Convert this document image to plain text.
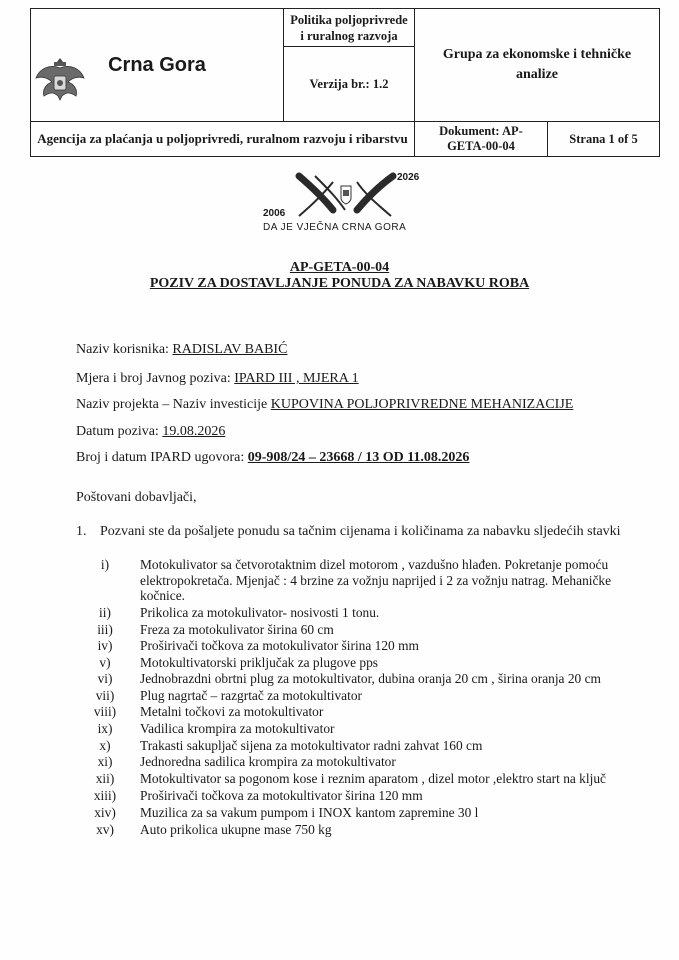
Crna Gora	Politika poljoprivrede i ruralnog razvoja	Grupa za ekonomske i tehničke analize
Verzija br.: 1.2
Agencija za plaćanja u poljoprivredi, ruralnom razvoju i ribarstvu		Dokument: AP-GETA-00-04	Strana 1 of 5
2006
2026
DA JE VJEČNA CRNA GORA
AP-GETA-00-04
POZIV ZA DOSTAVLJANJE PONUDA ZA NABAVKU ROBA
Naziv korisnika: RADISLAV BABIĆ
Mjera i broj Javnog poziva: IPARD III , MJERA 1
Naziv projekta – Naziv investicije KUPOVINA POLJOPRIVREDNE MEHANIZACIJE
Datum poziva: 19.08.2026
Broj i datum IPARD ugovora: 09-908/24 – 23668 / 13 OD 11.08.2026
Poštovani dobavljači,
1. Pozvani ste da pošaljete ponudu sa tačnim cijenama i količinama za nabavku sljedećih stavki
i)	Motokulivator sa četvorotaktnim dizel motorom , vazdušno hlađen. Pokretanje pomoću elektropokretača. Mjenjač : 4 brzine za vožnju naprijed i 2 za vožnju natrag. Mehaničke kočnice.
ii)	Prikolica za motokulivator- nosivosti 1 tonu.
iii)	Freza za motokulivator širina 60 cm
iv)	Proširivači točkova za motokulivator širina 120 mm
v)	Motokultivatorski priključak za plugove pps
vi)	Jednobrazdni obrtni plug za motokultivator, dubina oranja 20 cm , širina oranja 20 cm
vii)	Plug nagrtač – razgrtač za motokultivator
viii)	Metalni točkovi za motokultivator
ix)	Vadilica krompira za motokultivator
x)	Trakasti sakupljač sijena za motokultivator radni zahvat 160 cm
xi)	Jednoredna sadilica krompira za motokultivator
xii)	Motokultivator sa pogonom kose i reznim aparatom , dizel motor ,elektro start na ključ
xiii)	Proširivači točkova za motokultivator širina 120 mm
xiv)	Muzilica za sa vakum pumpom i INOX kantom zapremine 30 l
xv)	Auto prikolica ukupne mase 750 kg
